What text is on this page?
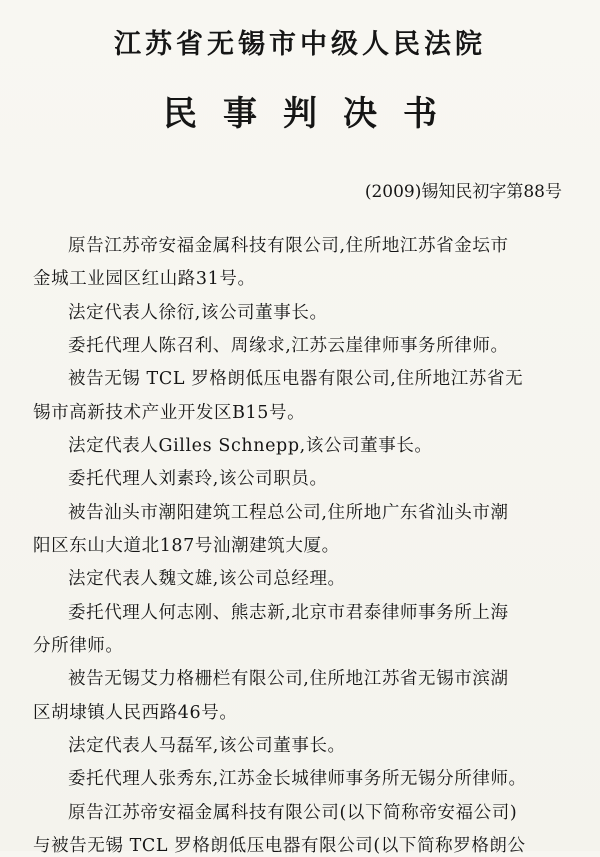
江苏省无锡市中级人民法院
民事判决书
(2009)锡知民初字第88号
原告江苏帝安福金属科技有限公司,住所地江苏省金坛市
金城工业园区红山路31号。
法定代表人徐衍,该公司董事长。
委托代理人陈召利、周缘求,江苏云崖律师事务所律师。
被告无锡 TCL 罗格朗低压电器有限公司,住所地江苏省无
锡市高新技术产业开发区B15号。
法定代表人Gilles Schnepp,该公司董事长。
委托代理人刘素玲,该公司职员。
被告汕头市潮阳建筑工程总公司,住所地广东省汕头市潮
阳区东山大道北187号汕潮建筑大厦。
法定代表人魏文雄,该公司总经理。
委托代理人何志刚、熊志新,北京市君泰律师事务所上海
分所律师。
被告无锡艾力格栅栏有限公司,住所地江苏省无锡市滨湖
区胡埭镇人民西路46号。
法定代表人马磊军,该公司董事长。
委托代理人张秀东,江苏金长城律师事务所无锡分所律师。
原告江苏帝安福金属科技有限公司(以下简称帝安福公司)
与被告无锡 TCL 罗格朗低压电器有限公司(以下简称罗格朗公
